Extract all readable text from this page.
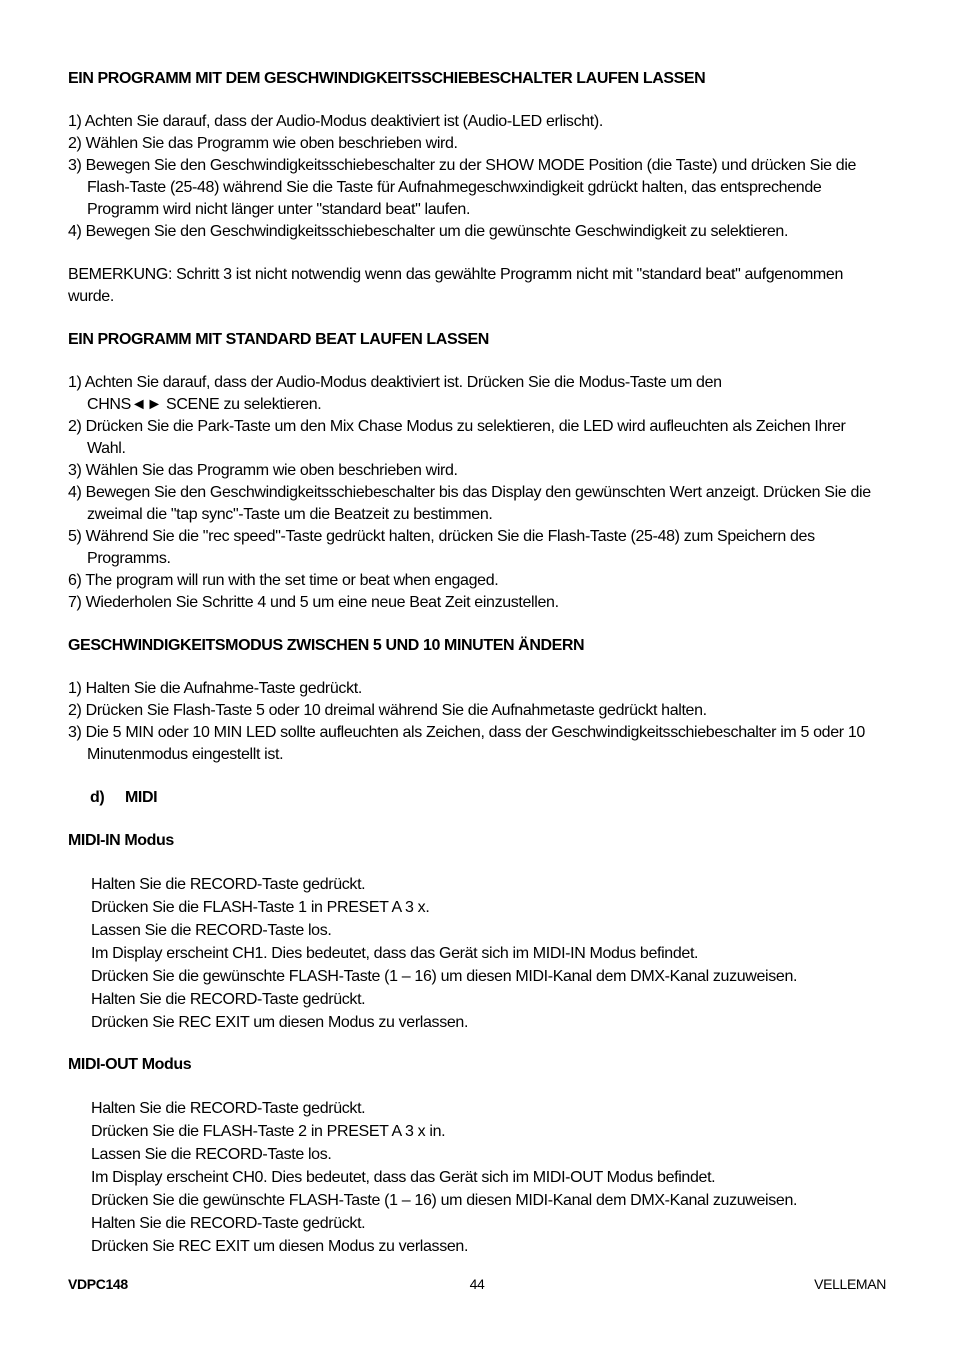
EIN PROGRAMM MIT DEM GESCHWINDIGKEITSSCHIEBESCHALTER LAUFEN LASSEN
1) Achten Sie darauf, dass der Audio-Modus deaktiviert ist (Audio-LED erlischt).
2) Wählen Sie das Programm wie oben beschrieben wird.
3) Bewegen Sie den Geschwindigkeitsschiebeschalter zu der SHOW MODE Position (die Taste) und drücken Sie die Flash-Taste (25-48) während Sie die Taste für Aufnahmegeschwxindigkeit gdrückt halten, das entsprechende Programm wird nicht länger unter "standard beat" laufen.
4) Bewegen Sie den Geschwindigkeitsschiebeschalter um die gewünschte Geschwindigkeit zu selektieren.

BEMERKUNG: Schritt 3 ist nicht notwendig wenn das gewählte Programm nicht mit "standard beat" aufgenommen wurde.

EIN PROGRAMM MIT STANDARD BEAT LAUFEN LASSEN
1) Achten Sie darauf, dass der Audio-Modus deaktiviert ist. Drücken Sie die Modus-Taste um den
CHNS◄► SCENE zu selektieren.
2) Drücken Sie die Park-Taste um den Mix Chase Modus zu selektieren, die LED wird aufleuchten als Zeichen Ihrer Wahl.
3) Wählen Sie das Programm wie oben beschrieben wird.
4) Bewegen Sie den Geschwindigkeitsschiebeschalter bis das Display den gewünschten Wert anzeigt. Drücken Sie die zweimal die "tap sync"-Taste um die Beatzeit zu bestimmen.
5) Während Sie die "rec speed"-Taste gedrückt halten, drücken Sie die Flash-Taste (25-48) zum Speichern des Programms.
6) The program will run with the set time or beat when engaged.
7) Wiederholen Sie Schritte 4 und 5 um eine neue Beat Zeit einzustellen.
GESCHWINDIGKEITSMODUS ZWISCHEN 5 UND 10 MINUTEN ÄNDERN
1) Halten Sie die Aufnahme-Taste gedrückt.
2) Drücken Sie Flash-Taste 5 oder 10 dreimal während Sie die Aufnahmetaste gedrückt halten.
3) Die 5 MIN oder 10 MIN LED sollte aufleuchten als Zeichen, dass der Geschwindigkeitsschiebeschalter im 5 oder 10 Minutenmodus eingestellt ist.
d) MIDI
MIDI-IN Modus

Halten Sie die RECORD-Taste gedrückt.

Drücken Sie die FLASH-Taste 1 in PRESET A 3 x.

Lassen Sie die RECORD-Taste los.

Im Display erscheint CH1. Dies bedeutet, dass das Gerät sich im MIDI-IN Modus befindet.

Drücken Sie die gewünschte FLASH-Taste (1 – 16) um diesen MIDI-Kanal dem DMX-Kanal zuzuweisen.

Halten Sie die RECORD-Taste gedrückt.

Drücken Sie REC EXIT um diesen Modus zu verlassen.

MIDI-OUT Modus

Halten Sie die RECORD-Taste gedrückt.

Drücken Sie die FLASH-Taste 2 in PRESET A 3 x in.

Lassen Sie die RECORD-Taste los.

Im Display erscheint CH0. Dies bedeutet, dass das Gerät sich im MIDI-OUT Modus befindet.

Drücken Sie die gewünschte FLASH-Taste (1 – 16) um diesen MIDI-Kanal dem DMX-Kanal zuzuweisen.

Halten Sie die RECORD-Taste gedrückt.

Drücken Sie REC EXIT um diesen Modus zu verlassen.

VDPC148	44	VELLEMAN
